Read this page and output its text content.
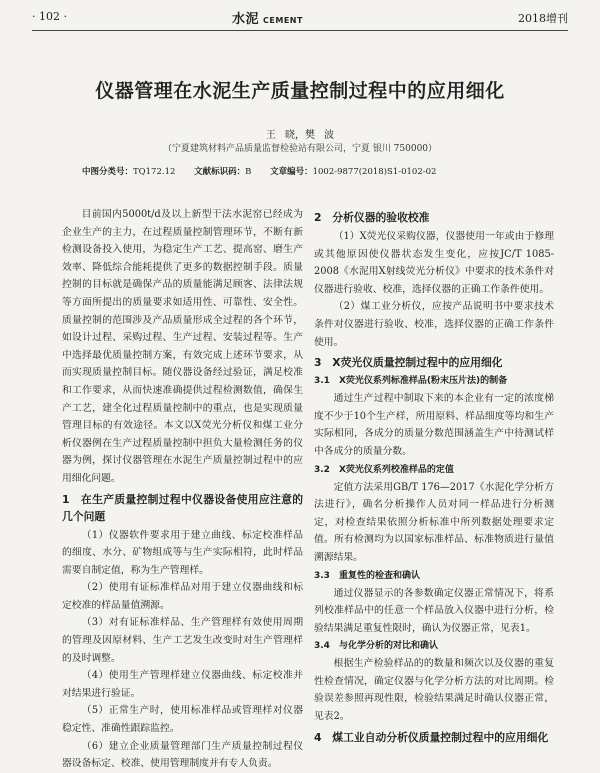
· 102 ·	水泥 CEMENT	2018增刊
仪器管理在水泥生产质量控制过程中的应用细化
王 晓，樊 波
（宁夏建筑材料产品质量监督检验站有限公司，宁夏 银川 750000）
中图分类号：TQ172.12 文献标识码：B 文章编号：1002-9877(2018)S1-0102-02

目前国内5000t/d及以上新型干法水泥窑已经成为企业生产的主力，在过程质量控制管理环节，不断有新检测设备投入使用，为稳定生产工艺、提高窑、磨生产效率、降低综合能耗提供了更多的数据控制手段。质量控制的目标就是确保产品的质量能满足顾客、法律法规等方面所提出的质量要求如适用性、可靠性、安全性。质量控制的范围涉及产品质量形成全过程的各个环节，如设计过程、采购过程、生产过程、安装过程等。生产中选择最优质量控制方案，有效完成上述环节要求，从而实现质量控制目标。随仪器设备经过验证，满足校准和工作要求，从而快速准确提供过程检测数值，确保生产工艺，建全化过程质量控制中的重点，也是实现质量管理目标的有效途径。本文以X荧光分析仪和煤工业分析仪器例在生产过程质量控制中担负大量检测任务的仪器为例，探讨仪器管理在水泥生产质量控制过程中的应用细化问题。

1　在生产质量控制过程中仪器设备使用应注意的几个问题

（1）仪器软件要求用于建立曲线、标定校准样品的细度、水分、矿物组成等与生产实际相符，此时样品需要自制定值，称为生产管理样。

（2）使用有证标准样品对用于建立仪器曲线和标定校准的样品量值溯源。

（3）对有证标准样品、生产管理样有效使用周期的管理及因原材料、生产工艺发生改变时对生产管理样的及时调整。

（4）使用生产管理样建立仪器曲线、标定校准并对结果进行验证。

（5）正常生产时，使用标准样品或管理样对仪器稳定性、准确性跟踪监控。

（6）建立企业质量管理部门生产质量控制过程仪器设备标定、校准、使用管理制度并有专人负责。

2　分析仪器的验收校准

（1）X荧光仪采购仪器，仪器使用一年或由于修理或其他原因使仪器状态发生变化，应按JC/T 1085-2008《水泥用X射线荧光分析仪》中要求的技术条件对仪器进行验收、校准，选择仪器的正确工作条件使用。

（2）煤工业分析仪，应按产品说明书中要求技术条件对仪器进行验收、校准，选择仪器的正确工作条件使用。

3　X荧光仪质量控制过程中的应用细化
3.1　X荧光仪系列标准样品(粉末压片法)的制备

通过生产过程中制取下来的本企业有一定的浓度梯度不少于10个生产样，所用原料、样品细度等均和生产实际相同，各成分的质量分数范围涵盖生产中待测试样中各成分的质量分数。

3.2　X荧光仪系列校准样品的定值

定值方法采用GB/T 176—2017《水泥化学分析方法进行》，确名分析操作人员对同一样品进行分析测定，对检查结果依照分析标准中所列数据处理要求定值。所有检测均为以国家标准样品、标准物质进行量值溯源结果。

3.3　重复性的检查和确认

通过仪器显示的各参数确定仪器正常情况下，将系列校准样品中的任意一个样品放入仪器中进行分析，检验结果满足重复性限时，确认为仪器正常，见表1。

3.4　与化学分析的对比和确认

根据生产检验样品的的数量和频次以及仪器的重复性检查情况，确定仪器与化学分析方法的对比周期。检验误差参照再现性限，检验结果满足时确认仪器正常，见表2。

4　煤工业自动分析仪质量控制过程中的应用细化
